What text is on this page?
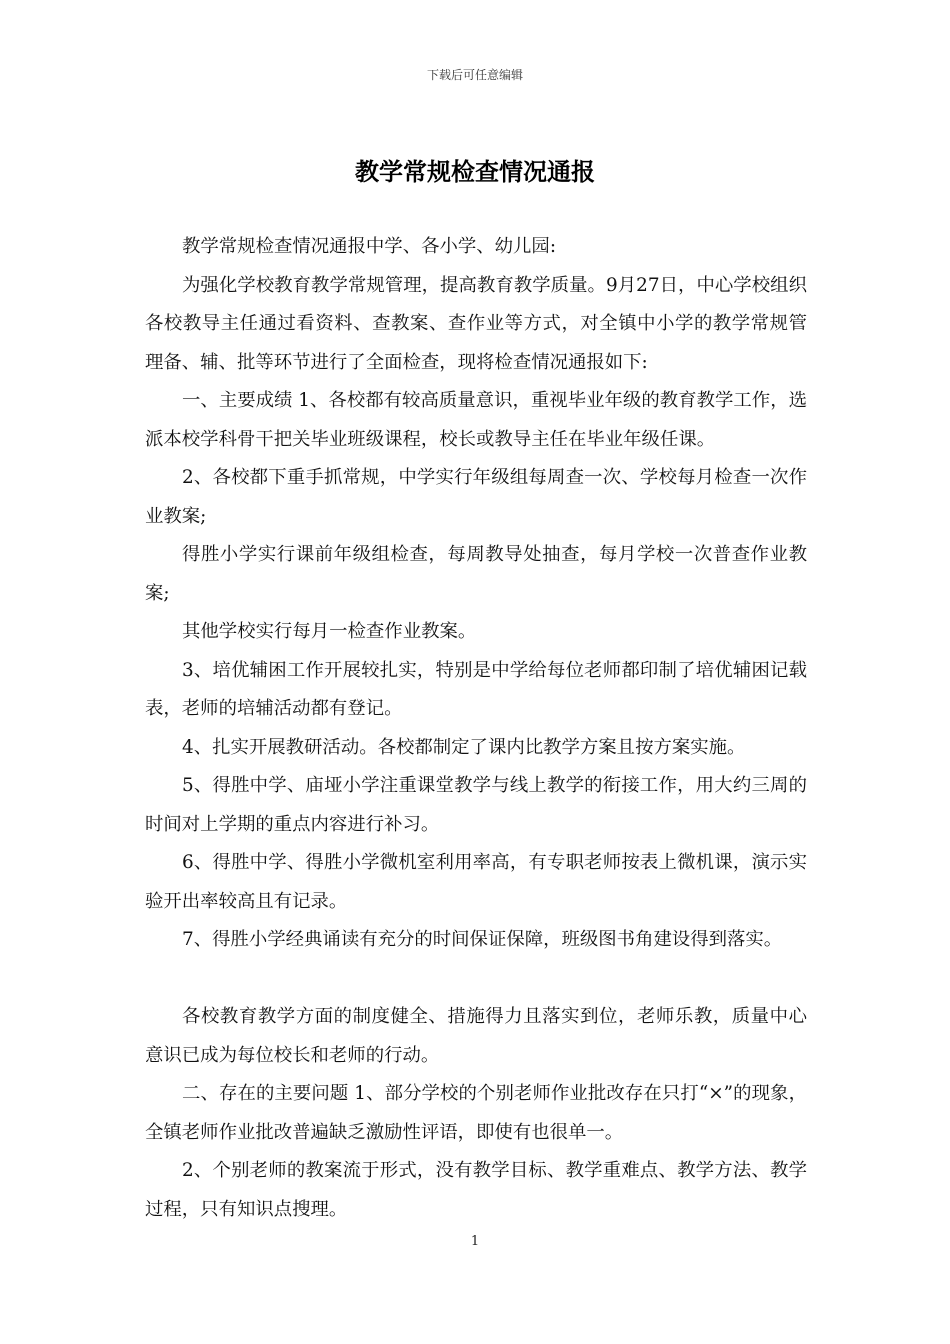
下载后可任意编辑
教学常规检查情况通报

教学常规检查情况通报中学、各小学、幼儿园:

为强化学校教育教学常规管理，提高教育教学质量。9月27日，中心学校组织各校教导主任通过看资料、查教案、查作业等方式，对全镇中小学的教学常规管理备、辅、批等环节进行了全面检查，现将检查情况通报如下:

一、主要成绩 1、各校都有较高质量意识，重视毕业年级的教育教学工作，选派本校学科骨干把关毕业班级课程，校长或教导主任在毕业年级任课。

2、各校都下重手抓常规，中学实行年级组每周查一次、学校每月检查一次作业教案;

得胜小学实行课前年级组检查，每周教导处抽查，每月学校一次普查作业教案;

其他学校实行每月一检查作业教案。

3、培优辅困工作开展较扎实，特别是中学给每位老师都印制了培优辅困记载表，老师的培辅活动都有登记。

4、扎实开展教研活动。各校都制定了课内比教学方案且按方案实施。

5、得胜中学、庙垭小学注重课堂教学与线上教学的衔接工作，用大约三周的时间对上学期的重点内容进行补习。

6、得胜中学、得胜小学微机室利用率高，有专职老师按表上微机课，演示实验开出率较高且有记录。

7、得胜小学经典诵读有充分的时间保证保障，班级图书角建设得到落实。

各校教育教学方面的制度健全、措施得力且落实到位，老师乐教，质量中心意识已成为每位校长和老师的行动。

二、存在的主要问题 1、部分学校的个别老师作业批改存在只打“×”的现象，全镇老师作业批改普遍缺乏激励性评语，即使有也很单一。

2、个别老师的教案流于形式，没有教学目标、教学重难点、教学方法、教学过程，只有知识点搜理。

1
